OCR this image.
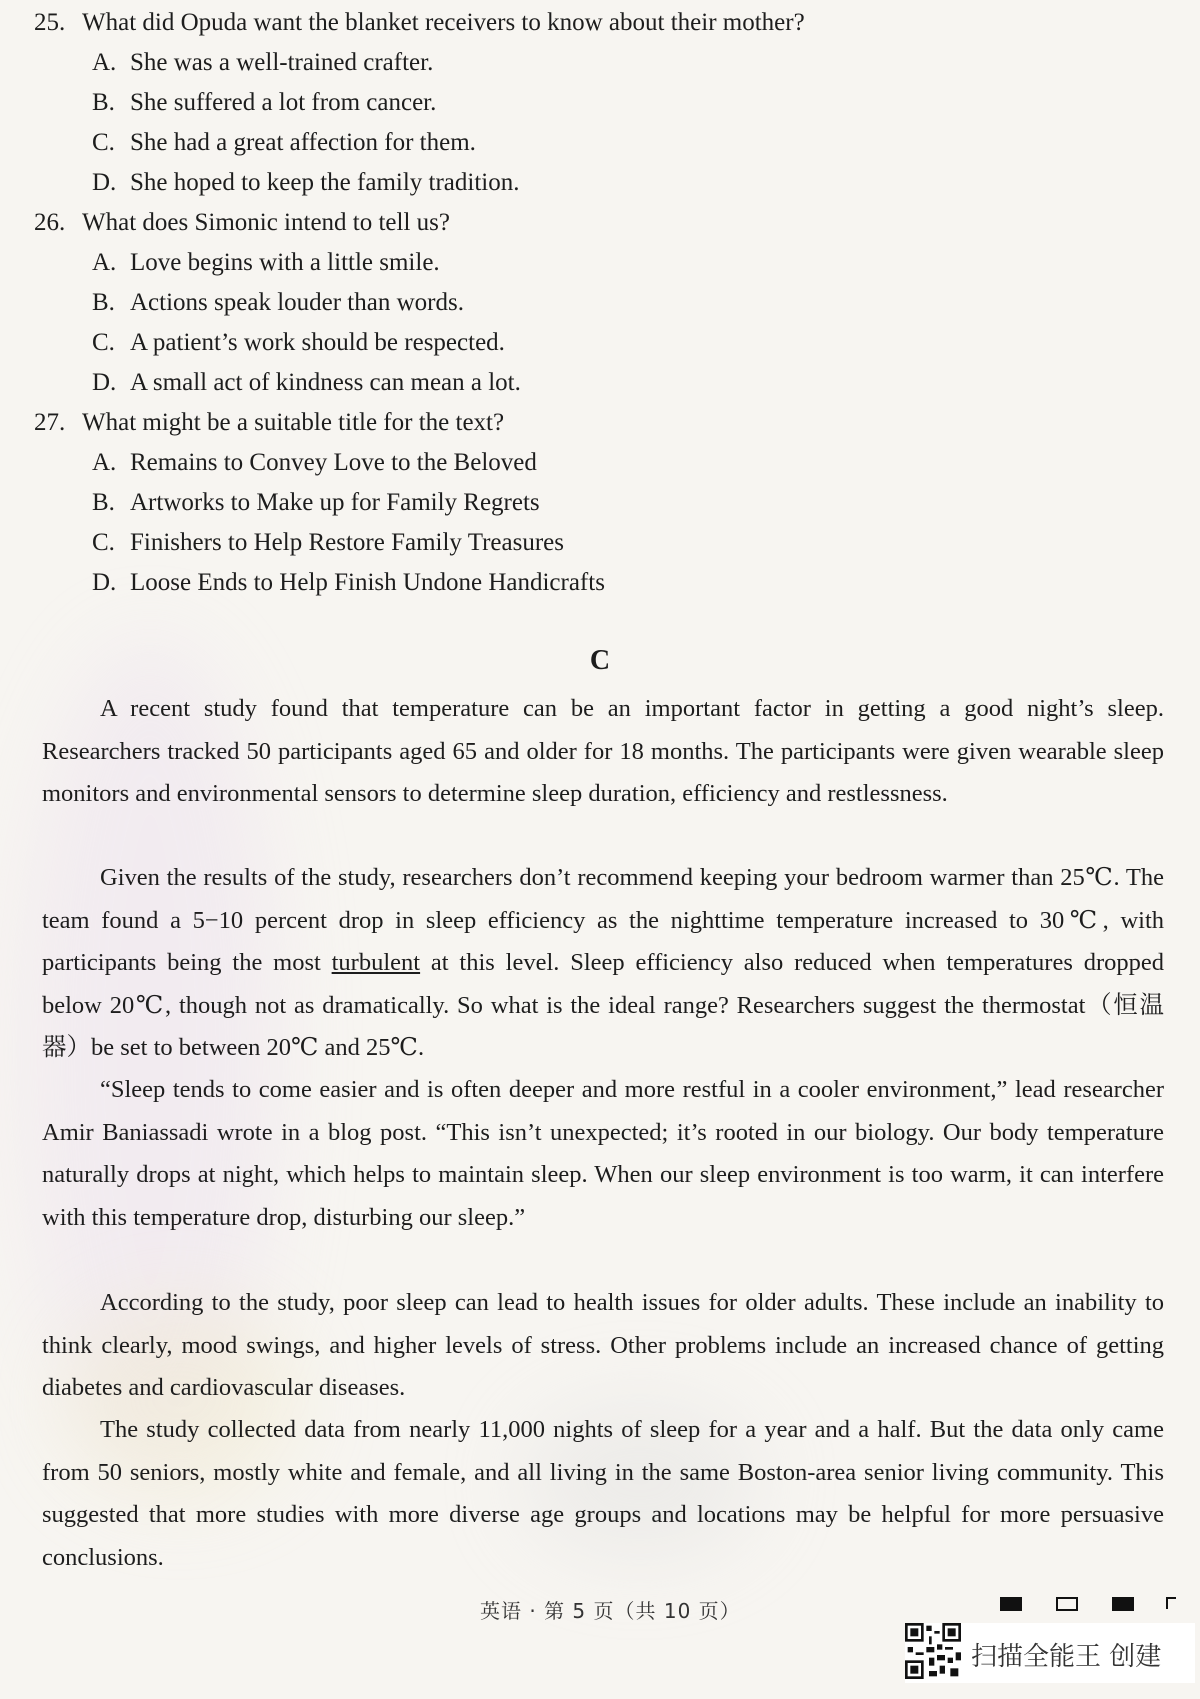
25. What did Opuda want the blanket receivers to know about their mother?
A. She was a well-trained crafter.
B. She suffered a lot from cancer.
C. She had a great affection for them.
D. She hoped to keep the family tradition.
26. What does Simonic intend to tell us?
A. Love begins with a little smile.
B. Actions speak louder than words.
C. A patient’s work should be respected.
D. A small act of kindness can mean a lot.
27. What might be a suitable title for the text?
A. Remains to Convey Love to the Beloved
B. Artworks to Make up for Family Regrets
C. Finishers to Help Restore Family Treasures
D. Loose Ends to Help Finish Undone Handicrafts
C
A recent study found that temperature can be an important factor in getting a good night’s sleep. Researchers tracked 50 participants aged 65 and older for 18 months. The participants were given wearable sleep monitors and environmental sensors to determine sleep duration, efficiency and restlessness.
Given the results of the study, researchers don’t recommend keeping your bedroom warmer than 25℃. The team found a 5−10 percent drop in sleep efficiency as the nighttime temperature increased to 30℃, with participants being the most turbulent at this level. Sleep efficiency also reduced when temperatures dropped below 20℃, though not as dramatically. So what is the ideal range? Researchers suggest the thermostat（恒温器）be set to between 20℃ and 25℃.
“Sleep tends to come easier and is often deeper and more restful in a cooler environment,” lead researcher Amir Baniassadi wrote in a blog post. “This isn’t unexpected; it’s rooted in our biology. Our body temperature naturally drops at night, which helps to maintain sleep. When our sleep environment is too warm, it can interfere with this temperature drop, disturbing our sleep.”
According to the study, poor sleep can lead to health issues for older adults. These include an inability to think clearly, mood swings, and higher levels of stress. Other problems include an increased chance of getting diabetes and cardiovascular diseases.
The study collected data from nearly 11,000 nights of sleep for a year and a half. But the data only came from 50 seniors, mostly white and female, and all living in the same Boston-area senior living community. This suggested that more studies with more diverse age groups and locations may be helpful for more persuasive conclusions.
英语 · 第 5 页（共 10 页）
扫描全能王 创建
